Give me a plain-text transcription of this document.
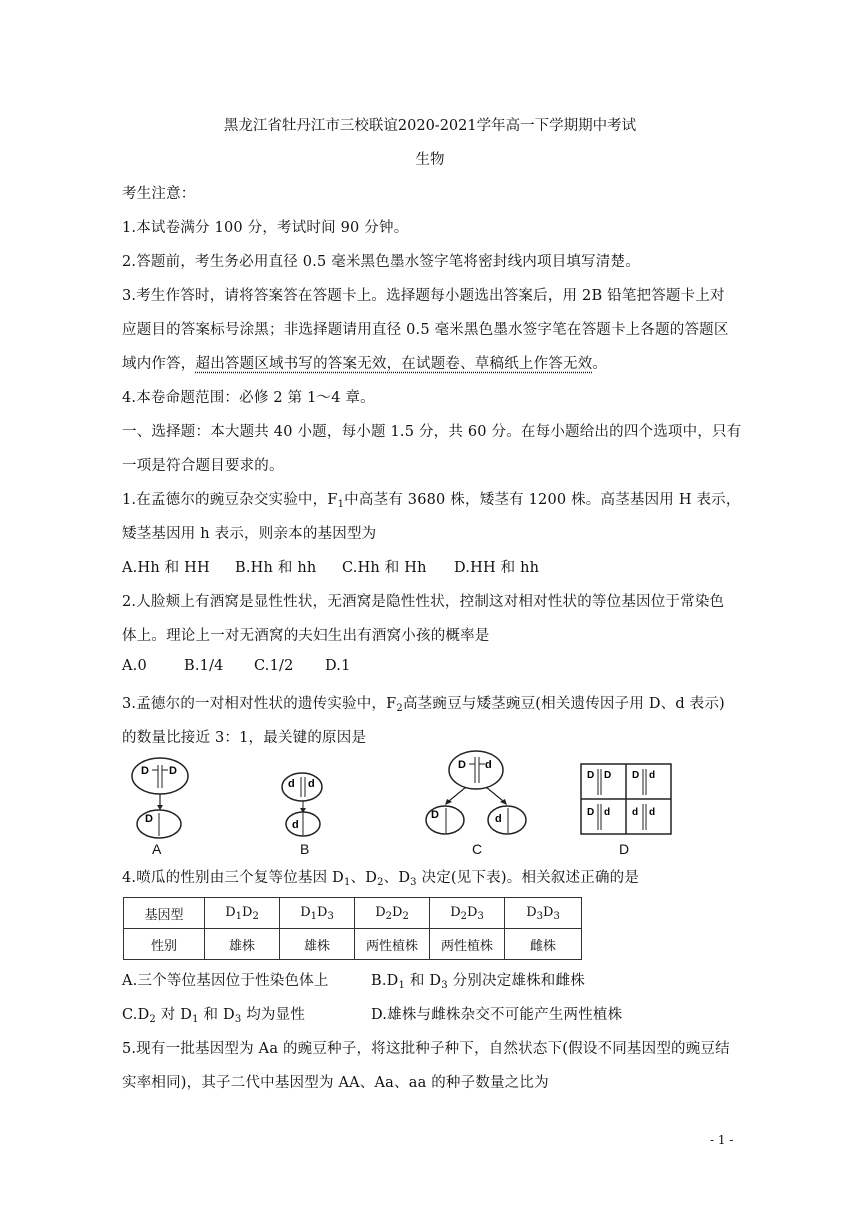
黑龙江省牡丹江市三校联谊2020-2021学年高一下学期期中考试
生物
考生注意：
1.本试卷满分 100 分，考试时间 90 分钟。
2.答题前，考生务必用直径 0.5 毫米黑色墨水签字笔将密封线内项目填写清楚。
3.考生作答时，请将答案答在答题卡上。选择题每小题选出答案后，用 2B 铅笔把答题卡上对
应题目的答案标号涂黑；非选择题请用直径 0.5 毫米黑色墨水签字笔在答题卡上各题的答题区
域内作答，超出答题区域书写的答案无效，在试题卷、草稿纸上作答无效。
4.本卷命题范围：必修 2 第 1～4 章。
一、选择题：本大题共 40 小题，每小题 1.5 分，共 60 分。在每小题给出的四个选项中，只有
一项是符合题目要求的。
1.在孟德尔的豌豆杂交实验中，$F_1$中高茎有 3680 株，矮茎有 1200 株。高茎基因用 H 表示，
矮茎基因用 h 表示，则亲本的基因型为
A.Hh 和 HH B.Hh 和 hh C.Hh 和 Hh D.HH 和 hh
2.人脸颊上有酒窝是显性性状，无酒窝是隐性性状，控制这对相对性状的等位基因位于常染色
体上。理论上一对无酒窝的夫妇生出有酒窝小孩的概率是
A.0	B.1/4 C.1/2 D.1
3.孟德尔的一对相对性状的遗传实验中，$F_2$高茎豌豆与矮茎豌豆(相关遗传因子用 D、d 表示)
的数量比接近 3：1，最关键的原因是
D D
D
A
d d
d
B
D d
D	d
C
D D D d
D d d d
D
4.喷瓜的性别由三个复等位基因 $D_1$、$D_2$、$D_3$ 决定(见下表)。相关叙述正确的是
基因型	$D_1D_2$	$D_1D_3$	$D_2D_2$	$D_2D_3$	$D_3D_3$
性别	雄株	雄株	两性植株	两性植株	雌株
A.三个等位基因位于性染色体上	$B.D_1$ 和 $D_3$ 分别决定雄株和雌株
$C.D_2$ 对 $D_1$ 和 $D_3$ 均为显性	D.雄株与雌株杂交不可能产生两性植株
5.现有一批基因型为 Aa 的豌豆种子，将这批种子种下，自然状态下(假设不同基因型的豌豆结
实率相同)，其子二代中基因型为 AA、Aa、aa 的种子数量之比为
- 1 -
